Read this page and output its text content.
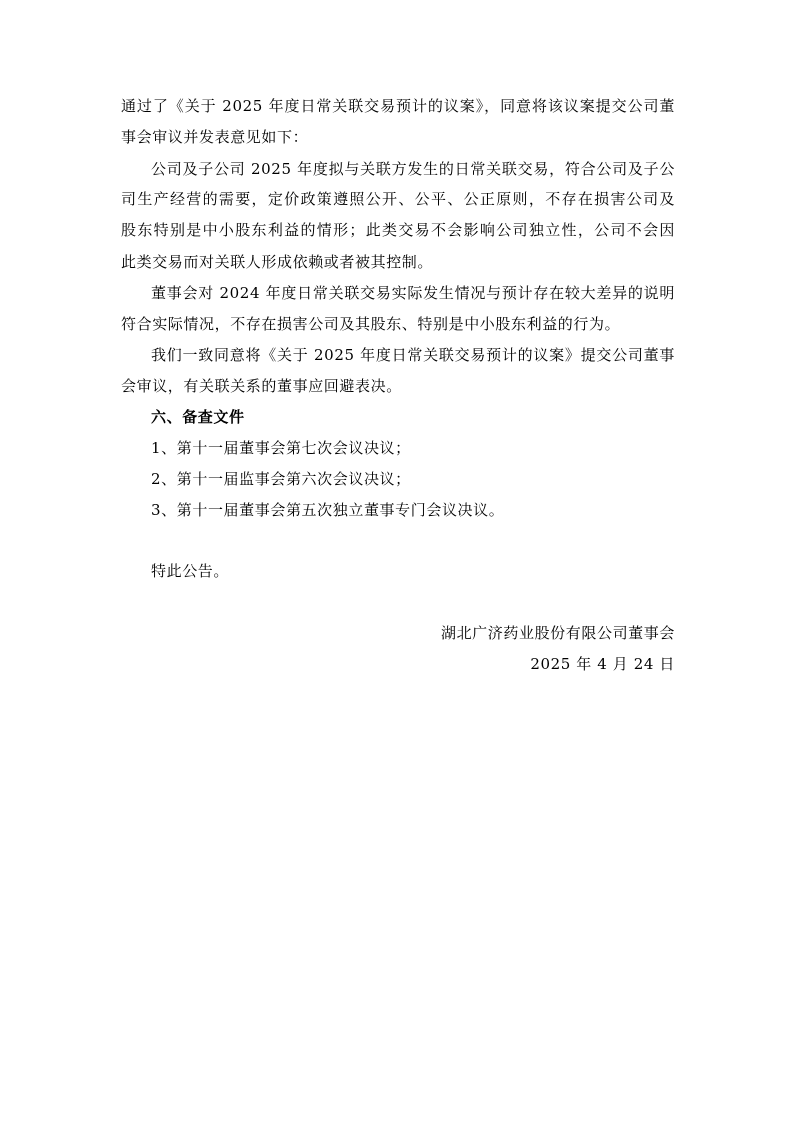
通过了《关于 2025 年度日常关联交易预计的议案》，同意将该议案提交公司董
事会审议并发表意见如下：
公司及子公司 2025 年度拟与关联方发生的日常关联交易，符合公司及子公
司生产经营的需要，定价政策遵照公开、公平、公正原则，不存在损害公司及
股东特别是中小股东利益的情形；此类交易不会影响公司独立性，公司不会因
此类交易而对关联人形成依赖或者被其控制。
董事会对 2024 年度日常关联交易实际发生情况与预计存在较大差异的说明
符合实际情况，不存在损害公司及其股东、特别是中小股东利益的行为。
我们一致同意将《关于 2025 年度日常关联交易预计的议案》提交公司董事
会审议，有关联关系的董事应回避表决。
六、备查文件
1、第十一届董事会第七次会议决议；
2、第十一届监事会第六次会议决议；
3、第十一届董事会第五次独立董事专门会议决议。
特此公告。
湖北广济药业股份有限公司董事会
2025 年 4 月 24 日
